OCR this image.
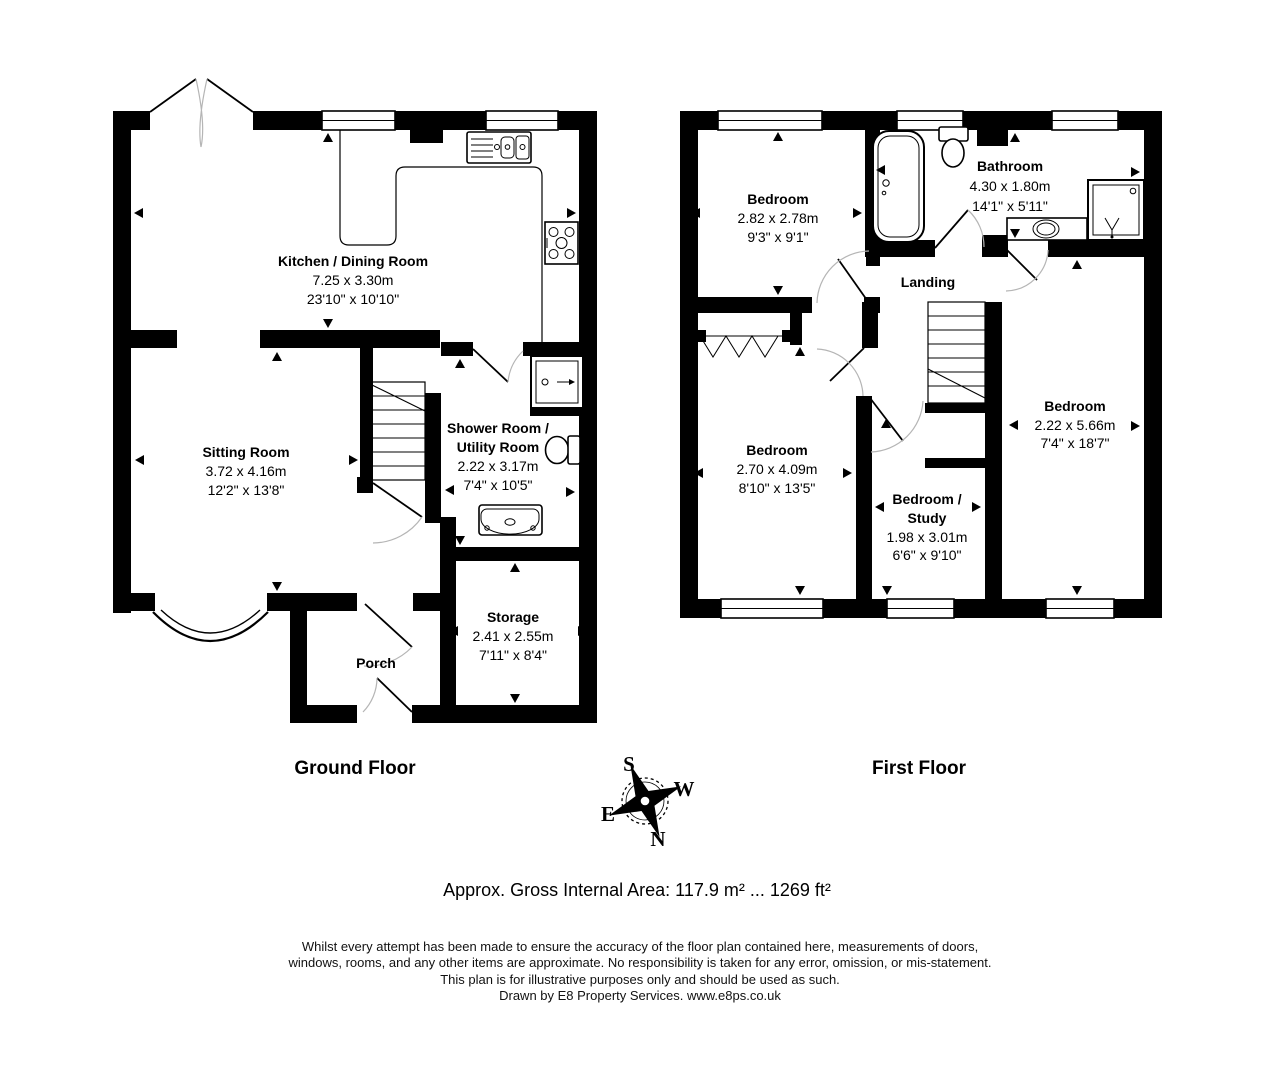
Kitchen / Dining Room
7.25 x 3.30m
23'10" x 10'10"
Sitting Room
3.72 x 4.16m
12'2" x 13'8"
Shower Room /
Utility Room
2.22 x 3.17m
7'4" x 10'5"
Storage
2.41 x 2.55m
7'11" x 8'4"
Porch
Ground Floor
Bedroom
2.82 x 2.78m
9'3" x 9'1"
Bathroom
4.30 x 1.80m
14'1" x 5'11"
Landing
Bedroom
2.70 x 4.09m
8'10" x 13'5"
Bedroom /
Study
1.98 x 3.01m
6'6" x 9'10"
Bedroom
2.22 x 5.66m
7'4" x 18'7"
First Floor
S
W
E
N
Approx. Gross Internal Area: 117.9 m² ... 1269 ft²
Whilst every attempt has been made to ensure the accuracy of the floor plan contained here, measurements of doors,
windows, rooms, and any other items are approximate. No responsibility is taken for any error, omission, or mis-statement.
This plan is for illustrative purposes only and should be used as such.
Drawn by E8 Property Services. www.e8ps.co.uk
